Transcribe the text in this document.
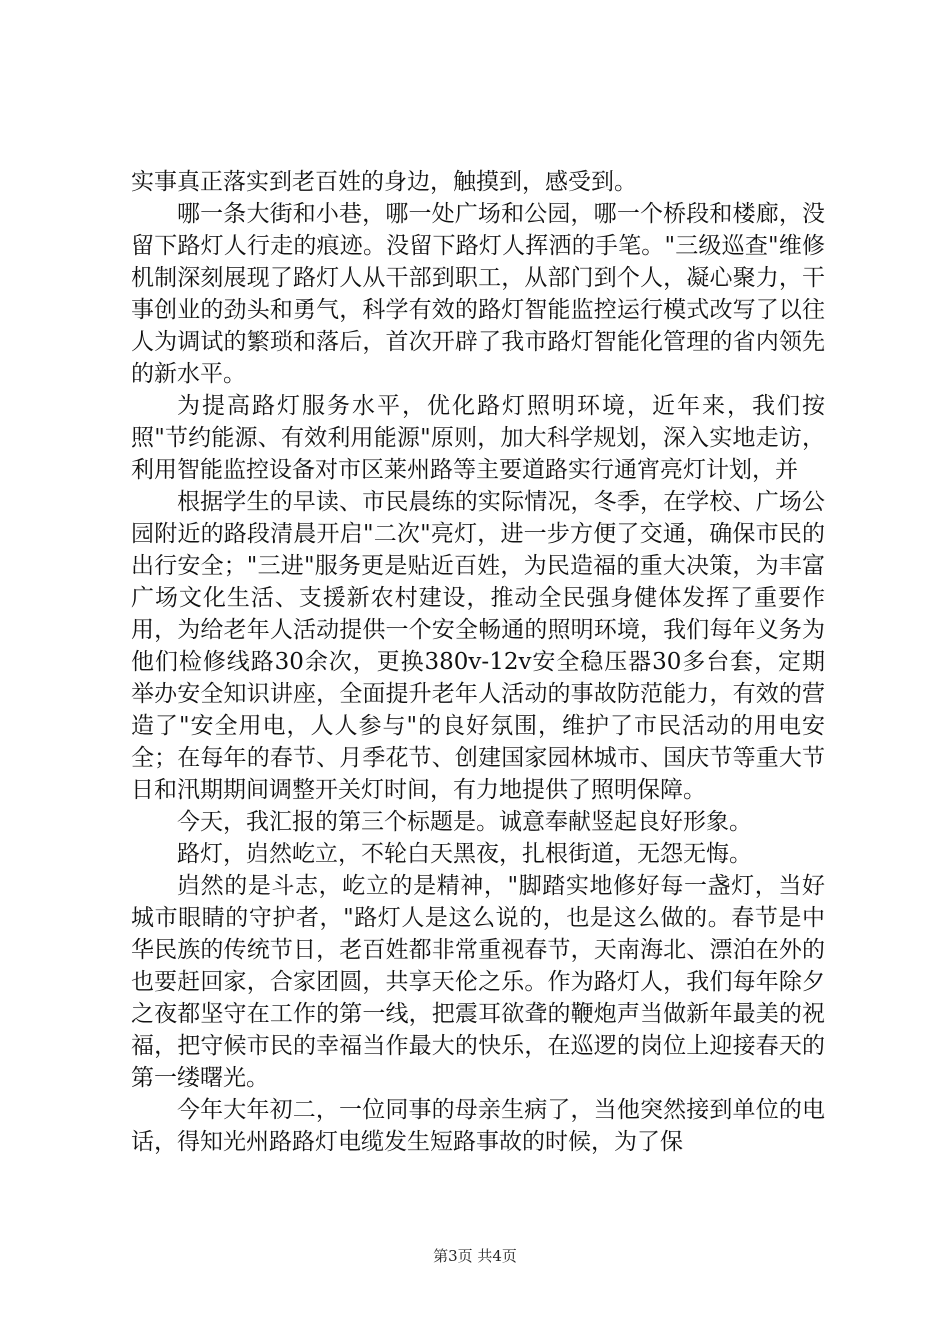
实事真正落实到老百姓的身边，触摸到，感受到。

哪一条大街和小巷，哪一处广场和公园，哪一个桥段和楼廊，没留下路灯人行走的痕迹。没留下路灯人挥洒的手笔。"三级巡查"维修机制深刻展现了路灯人从干部到职工，从部门到个人，凝心聚力，干事创业的劲头和勇气，科学有效的路灯智能监控运行模式改写了以往人为调试的繁琐和落后，首次开辟了我市路灯智能化管理的省内领先的新水平。

为提高路灯服务水平，优化路灯照明环境，近年来，我们按照"节约能源、有效利用能源"原则，加大科学规划，深入实地走访，利用智能监控设备对市区莱州路等主要道路实行通宵亮灯计划，并

根据学生的早读、市民晨练的实际情况，冬季，在学校、广场公园附近的路段清晨开启"二次"亮灯，进一步方便了交通，确保市民的出行安全；"三进"服务更是贴近百姓，为民造福的重大决策，为丰富广场文化生活、支援新农村建设，推动全民强身健体发挥了重要作用，为给老年人活动提供一个安全畅通的照明环境，我们每年义务为他们检修线路30余次，更换380v-12v安全稳压器30多台套，定期举办安全知识讲座，全面提升老年人活动的事故防范能力，有效的营造了"安全用电，人人参与"的良好氛围，维护了市民活动的用电安全；在每年的春节、月季花节、创建国家园林城市、国庆节等重大节日和汛期期间调整开关灯时间，有力地提供了照明保障。

今天，我汇报的第三个标题是。诚意奉献竖起良好形象。

路灯，岿然屹立，不轮白天黑夜，扎根街道，无怨无悔。

岿然的是斗志，屹立的是精神，"脚踏实地修好每一盏灯，当好城市眼睛的守护者，"路灯人是这么说的，也是这么做的。春节是中华民族的传统节日，老百姓都非常重视春节，天南海北、漂泊在外的也要赶回家，合家团圆，共享天伦之乐。作为路灯人，我们每年除夕之夜都坚守在工作的第一线，把震耳欲聋的鞭炮声当做新年最美的祝福，把守候市民的幸福当作最大的快乐，在巡逻的岗位上迎接春天的第一缕曙光。

今年大年初二，一位同事的母亲生病了，当他突然接到单位的电话，得知光州路路灯电缆发生短路事故的时候，为了保

第3页 共4页
